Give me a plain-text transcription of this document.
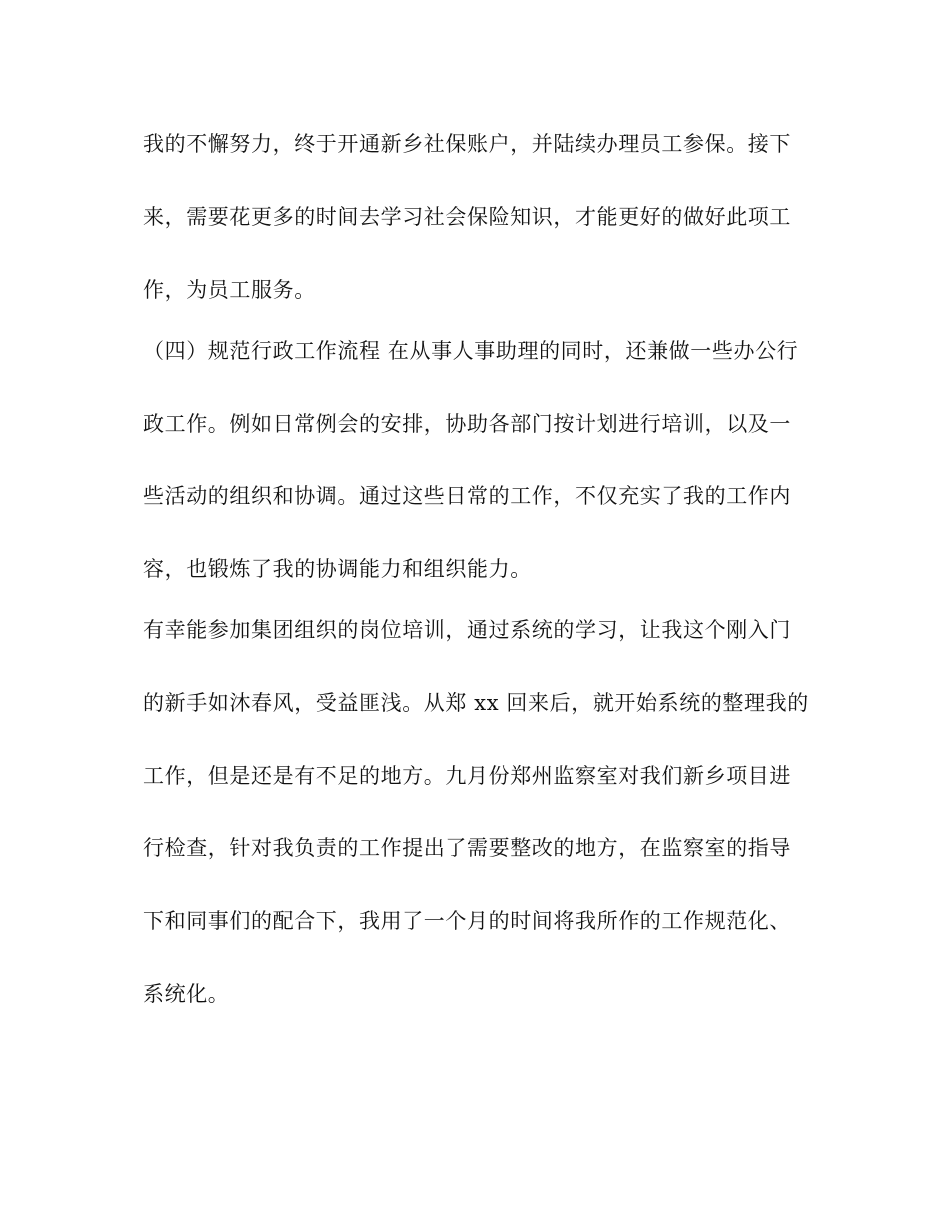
我的不懈努力，终于开通新乡社保账户，并陆续办理员工参保。接下
来，需要花更多的时间去学习社会保险知识，才能更好的做好此项工
作，为员工服务。
（四）规范行政工作流程 在从事人事助理的同时，还兼做一些办公行
政工作。例如日常例会的安排，协助各部门按计划进行培训，以及一
些活动的组织和协调。通过这些日常的工作，不仅充实了我的工作内
容，也锻炼了我的协调能力和组织能力。
有幸能参加集团组织的岗位培训，通过系统的学习，让我这个刚入门
的新手如沐春风，受益匪浅。从郑 xx 回来后，就开始系统的整理我的
工作，但是还是有不足的地方。九月份郑州监察室对我们新乡项目进
行检查，针对我负责的工作提出了需要整改的地方，在监察室的指导
下和同事们的配合下，我用了一个月的时间将我所作的工作规范化、
系统化。
